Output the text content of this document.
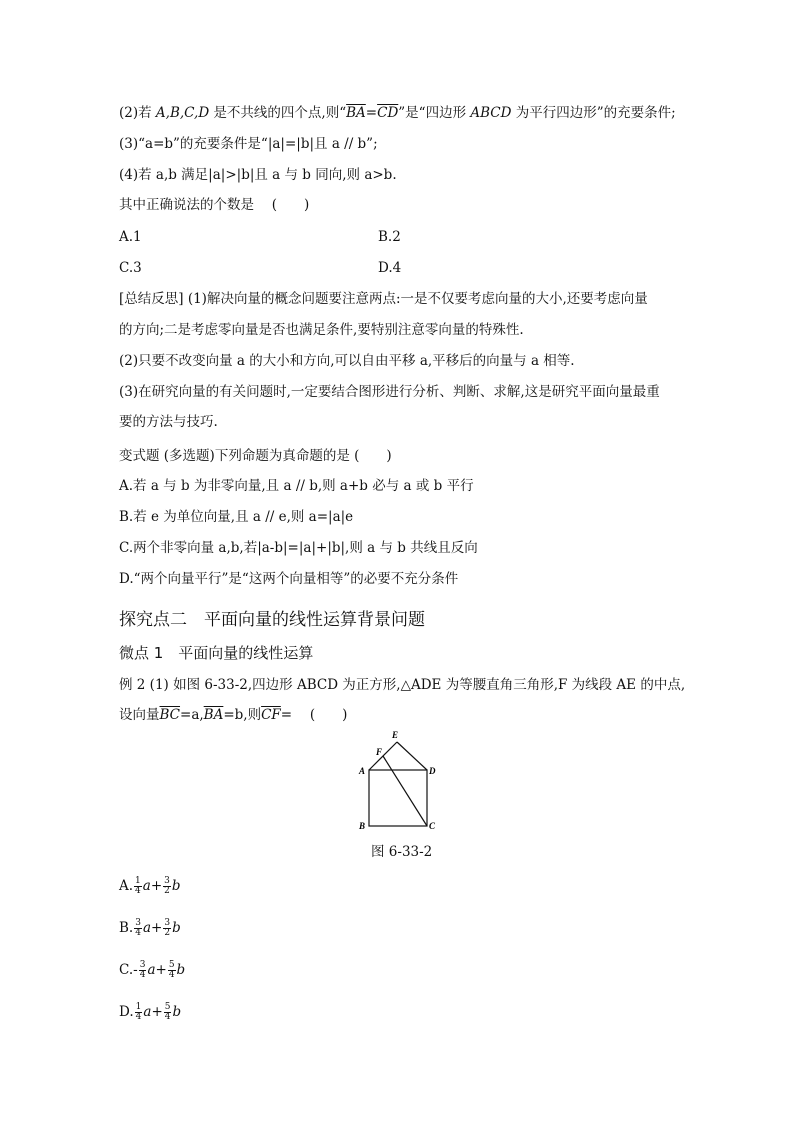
(2)若 A,B,C,D 是不共线的四个点,则“$\overline{BA}=\overline{CD}$”是“四边形 ABCD 为平行四边形”的充要条件;
(3)“a=b”的充要条件是“|a|=|b|且 a // b”;
(4)若 a,b 满足|a|>|b|且 a 与 b 同向,则 a>b.
其中正确说法的个数是 　(　　)
A.1	B.2
C.3	D.4
[总结反思] (1)解决向量的概念问题要注意两点:一是不仅要考虑向量的大小,还要考虑向量
的方向;二是考虑零向量是否也满足条件,要特别注意零向量的特殊性.
(2)只要不改变向量 a 的大小和方向,可以自由平移 a,平移后的向量与 a 相等.
(3)在研究向量的有关问题时,一定要结合图形进行分析、判断、求解,这是研究平面向量最重
要的方法与技巧.
变式题 (多选题)下列命题为真命题的是 (　　)
A.若 a 与 b 为非零向量,且 a // b,则 a+b 必与 a 或 b 平行
B.若 e 为单位向量,且 a // e,则 a=|a|e
C.两个非零向量 a,b,若|a-b|=|a|+|b|,则 a 与 b 共线且反向
D.“两个向量平行”是“这两个向量相等”的必要不充分条件
探究点二　平面向量的线性运算背景问题
微点 1　平面向量的线性运算
例 2 (1) 如图 6-33-2,四边形 ABCD 为正方形,△ADE 为等腰直角三角形,F 为线段 AE 的中点,
设向量$\overline{BC}=a,\overline{BA}=b$,则$\overline{CF}=$ 　(　　)
E
F
A	D
B	C
图 6-33-2
A. $\frac{1}{4} a+ \frac{3}{2}$ b
B. $\frac{3}{4} a+ \frac{3}{2}$ b
$C.- \frac{3}{4} a+ \frac{5}{4}$ b
D. $\frac{1}{4} a+ \frac{5}{4}$ b
